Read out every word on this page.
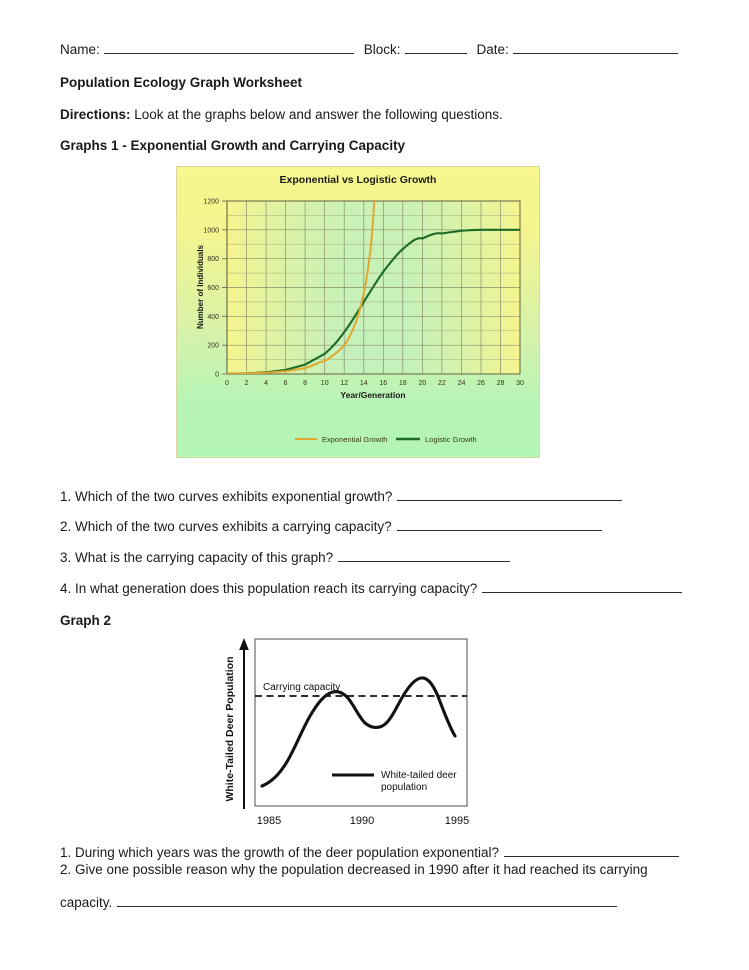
Name:	Block:	Date:
Population Ecology Graph Worksheet
Directions: Look at the graphs below and answer the following questions.
Graphs 1 - Exponential Growth and Carrying Capacity
Exponential vs Logistic Growth
1200
1000
800
600
400
200
0
0 2 4 6 8 10 12 14 16 18 20 22 24 26 28 30
Year/Generation
Number of Individuals
Exponential Growth	Logistic Growth
1. Which of the two curves exhibits exponential growth?
2. Which of the two curves exhibits a carrying capacity?
3. What is the carrying capacity of this graph?
4. In what generation does this population reach its carrying capacity?
Graph 2
White-Tailed Deer Population	Carrying capacity
White-tailed deer
population
1985	1990	1995
1. During which years was the growth of the deer population exponential?
2. Give one possible reason why the population decreased in 1990 after it had reached its carrying
capacity.
